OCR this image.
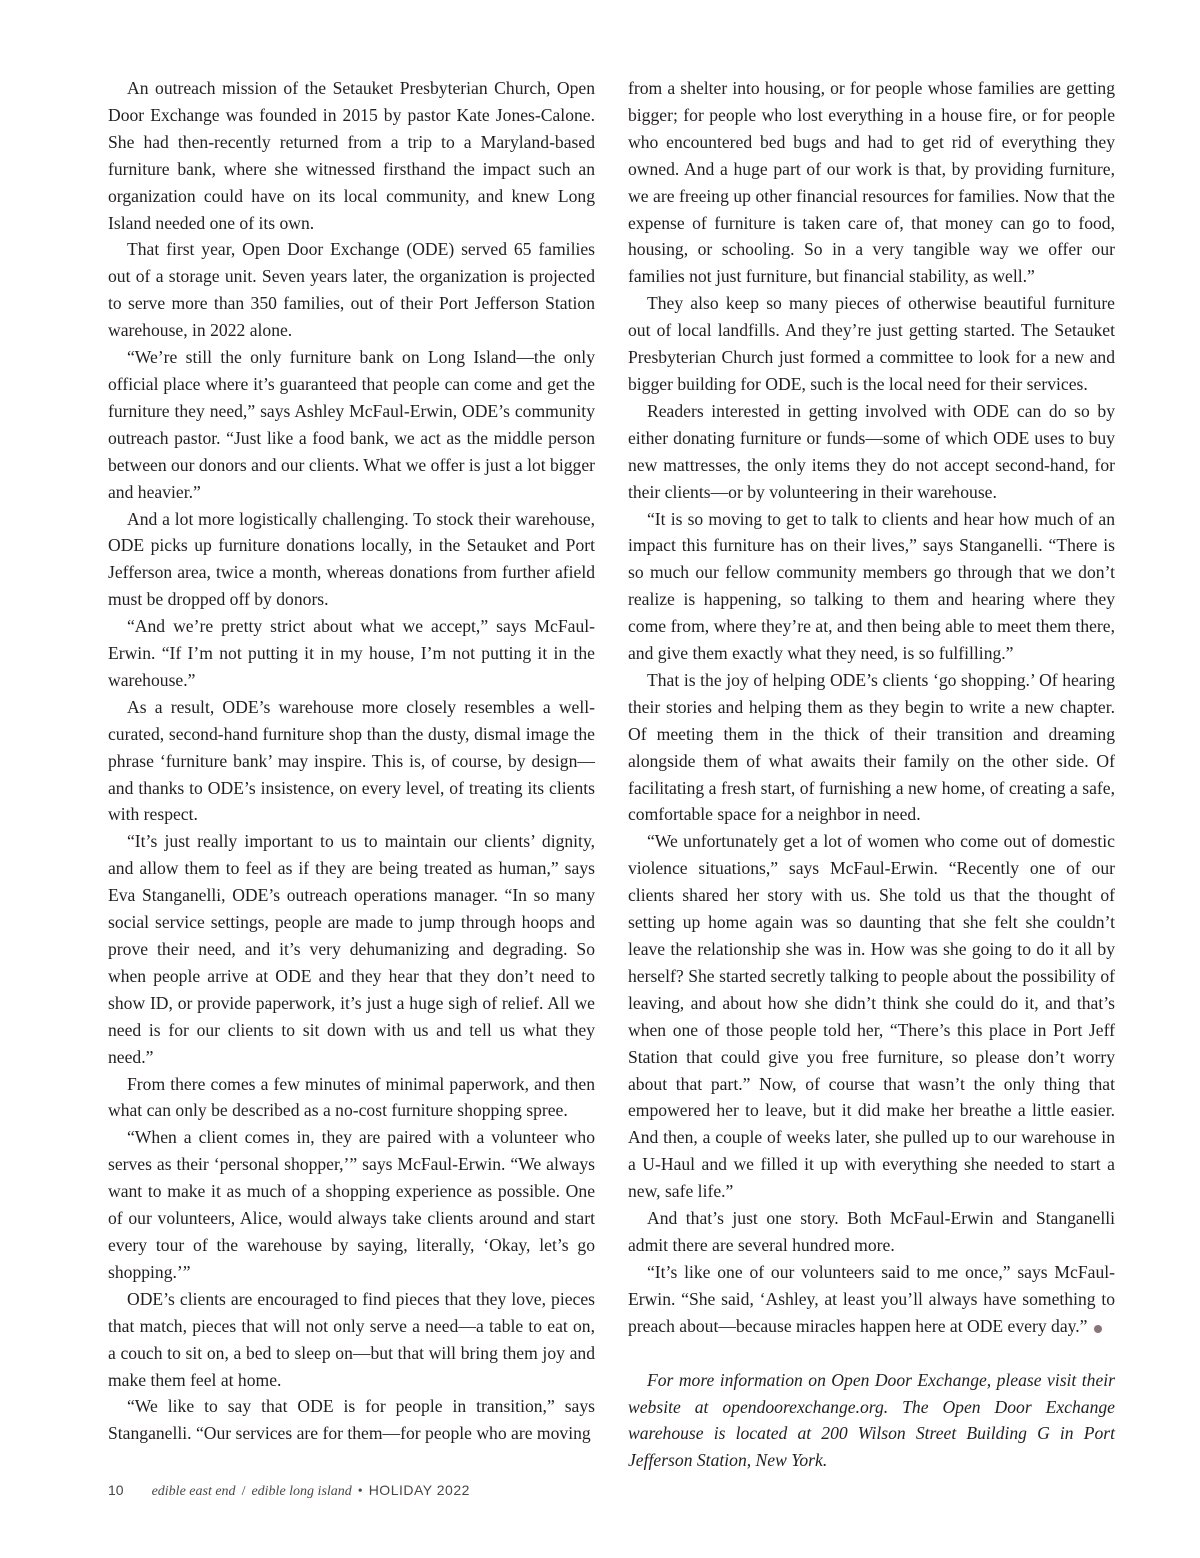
An outreach mission of the Setauket Presbyterian Church, Open Door Exchange was founded in 2015 by pastor Kate Jones-Calone. She had then-recently returned from a trip to a Maryland-based furniture bank, where she witnessed firsthand the impact such an organization could have on its local community, and knew Long Island needed one of its own.

That first year, Open Door Exchange (ODE) served 65 families out of a storage unit. Seven years later, the organization is projected to serve more than 350 families, out of their Port Jefferson Station warehouse, in 2022 alone.

“We’re still the only furniture bank on Long Island—the only official place where it’s guaranteed that people can come and get the furniture they need,” says Ashley McFaul-Erwin, ODE’s community outreach pastor. “Just like a food bank, we act as the middle person between our donors and our clients. What we offer is just a lot bigger and heavier.”

And a lot more logistically challenging. To stock their warehouse, ODE picks up furniture donations locally, in the Setauket and Port Jefferson area, twice a month, whereas donations from further afield must be dropped off by donors.

“And we’re pretty strict about what we accept,” says McFaul-Erwin. “If I’m not putting it in my house, I’m not putting it in the warehouse.”

As a result, ODE’s warehouse more closely resembles a well-curated, second-hand furniture shop than the dusty, dismal image the phrase ‘furniture bank’ may inspire. This is, of course, by design—and thanks to ODE’s insistence, on every level, of treating its clients with respect.

“It’s just really important to us to maintain our clients’ dignity, and allow them to feel as if they are being treated as human,” says Eva Stanganelli, ODE’s outreach operations manager. “In so many social service settings, people are made to jump through hoops and prove their need, and it’s very dehumanizing and degrading. So when people arrive at ODE and they hear that they don’t need to show ID, or provide paperwork, it’s just a huge sigh of relief. All we need is for our clients to sit down with us and tell us what they need.”

From there comes a few minutes of minimal paperwork, and then what can only be described as a no-cost furniture shopping spree.

“When a client comes in, they are paired with a volunteer who serves as their ‘personal shopper,’” says McFaul-Erwin. “We always want to make it as much of a shopping experience as possible. One of our volunteers, Alice, would always take clients around and start every tour of the warehouse by saying, literally, ‘Okay, let’s go shopping.’”

ODE’s clients are encouraged to find pieces that they love, pieces that match, pieces that will not only serve a need—a table to eat on, a couch to sit on, a bed to sleep on—but that will bring them joy and make them feel at home.

“We like to say that ODE is for people in transition,” says Stanganelli. “Our services are for them—for people who are moving

from a shelter into housing, or for people whose families are getting bigger; for people who lost everything in a house fire, or for people who encountered bed bugs and had to get rid of everything they owned. And a huge part of our work is that, by providing furniture, we are freeing up other financial resources for families. Now that the expense of furniture is taken care of, that money can go to food, housing, or schooling. So in a very tangible way we offer our families not just furniture, but financial stability, as well.”

They also keep so many pieces of otherwise beautiful furniture out of local landfills. And they’re just getting started. The Setauket Presbyterian Church just formed a committee to look for a new and bigger building for ODE, such is the local need for their services.

Readers interested in getting involved with ODE can do so by either donating furniture or funds—some of which ODE uses to buy new mattresses, the only items they do not accept second-hand, for their clients—or by volunteering in their warehouse.

“It is so moving to get to talk to clients and hear how much of an impact this furniture has on their lives,” says Stanganelli. “There is so much our fellow community members go through that we don’t realize is happening, so talking to them and hearing where they come from, where they’re at, and then being able to meet them there, and give them exactly what they need, is so fulfilling.”

That is the joy of helping ODE’s clients ‘go shopping.’ Of hearing their stories and helping them as they begin to write a new chapter. Of meeting them in the thick of their transition and dreaming alongside them of what awaits their family on the other side. Of facilitating a fresh start, of furnishing a new home, of creating a safe, comfortable space for a neighbor in need.

“We unfortunately get a lot of women who come out of domestic violence situations,” says McFaul-Erwin. “Recently one of our clients shared her story with us. She told us that the thought of setting up home again was so daunting that she felt she couldn’t leave the relationship she was in. How was she going to do it all by herself? She started secretly talking to people about the possibility of leaving, and about how she didn’t think she could do it, and that’s when one of those people told her, “There’s this place in Port Jeff Station that could give you free furniture, so please don’t worry about that part.” Now, of course that wasn’t the only thing that empowered her to leave, but it did make her breathe a little easier. And then, a couple of weeks later, she pulled up to our warehouse in a U-Haul and we filled it up with everything she needed to start a new, safe life.”

And that’s just one story. Both McFaul-Erwin and Stanganelli admit there are several hundred more.

“It’s like one of our volunteers said to me once,” says McFaul-Erwin. “She said, ‘Ashley, at least you’ll always have something to preach about—because miracles happen here at ODE every day.”

For more information on Open Door Exchange, please visit their website at opendoorexchange.org. The Open Door Exchange warehouse is located at 200 Wilson Street Building G in Port Jefferson Station, New York.

10 edible east end / edible long island • HOLIDAY 2022
